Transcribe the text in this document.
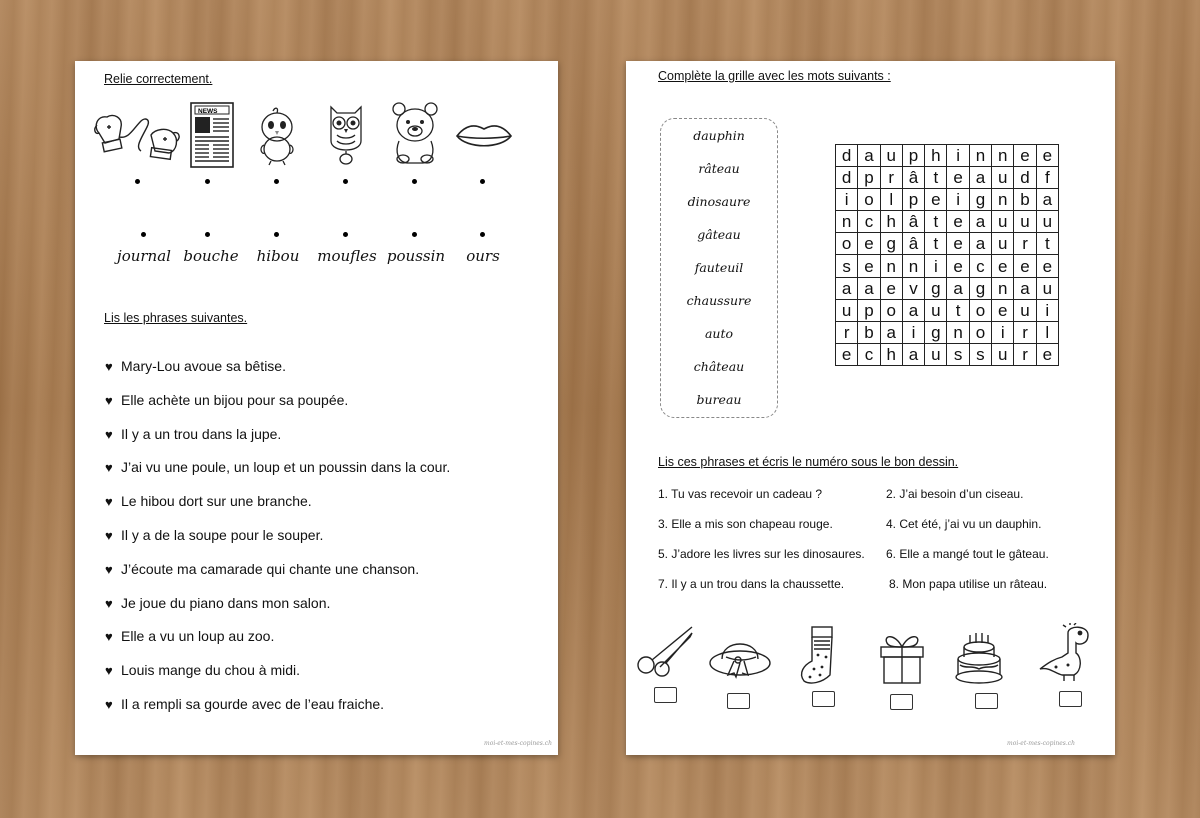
Relie correctement.
NEWS
journal bouche hibou moufles poussin ours
Lis les phrases suivantes.
♥ Mary-Lou avoue sa bêtise.
♥ Elle achète un bijou pour sa poupée.
♥ Il y a un trou dans la jupe.
♥ J’ai vu une poule, un loup et un poussin dans la cour.
♥ Le hibou dort sur une branche.
♥ Il y a de la soupe pour le souper.
♥ J’écoute ma camarade qui chante une chanson.
♥ Je joue du piano dans mon salon.
♥ Elle a vu un loup au zoo.
♥ Louis mange du chou à midi.
♥ Il a rempli sa gourde avec de l’eau fraiche.
moi-et-mes-copines.ch
Complète la grille avec les mots suivants :
dauphin
râteau
dinosaure
gâteau
fauteuil
chaussure
auto
château
bureau
d	a	u	p	h	i	n	n	e	e
d	p	r	â	t	e	a	u	d	f
i	o	l	p	e	i	g	n	b	a
n	c	h	â	t	e	a	u	u	u
o	e	g	â	t	e	a	u	r	t
s	e	n	n	i	e	c	e	e	e
a	a	e	v	g	a	g	n	a	u
u	p	o	a	u	t	o	e	u	i
r	b	a	i	g	n	o	i	r	l
e	c	h	a	u	s	s	u	r	e
Lis ces phrases et écris le numéro sous le bon dessin.
1. Tu vas recevoir un cadeau ?	2. J’ai besoin d’un ciseau.
3. Elle a mis son chapeau rouge.	4. Cet été, j’ai vu un dauphin.
5. J’adore les livres sur les dinosaures. 6. Elle a mangé tout le gâteau.
7. Il y a un trou dans la chaussette.	8. Mon papa utilise un râteau.
moi-et-mes-copines.ch
